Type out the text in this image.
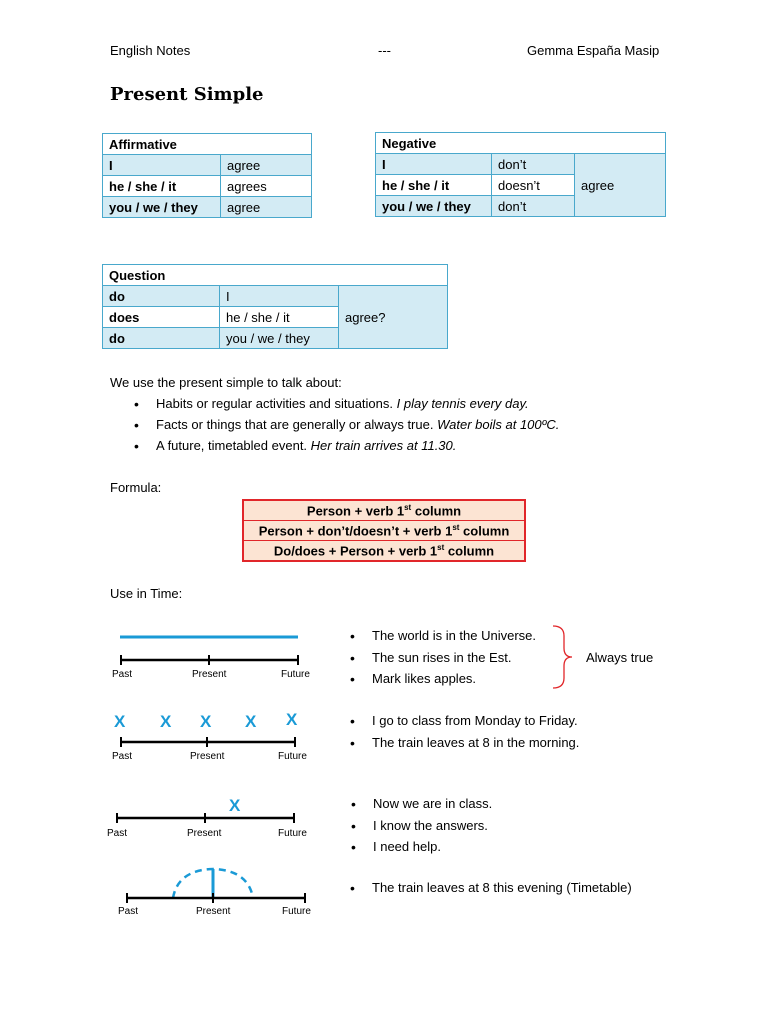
English Notes	---	Gemma España Masip
Present Simple
Affirmative	
I	agree
he / she / it	agrees
you / we / they	agree
Negative		
I	don’t	agree
he / she / it	doesn’t	
you / we / they	don’t	
Question		
do	I	agree?
does	he / she / it	
do	you / we / they	
We use the present simple to talk about:
• Habits or regular activities and situations. I play tennis every day.
• Facts or things that are generally or always true. Water boils at 100ºC.
• A future, timetabled event. Her train arrives at 11.30.
Formula:
Person + verb 1st column
Person + don’t/doesn’t + verb 1st column
Do/does + Person + verb 1st column
Use in Time:
Past	Present	Future
• The world is in the Universe.
• The sun rises in the Est.
• Mark likes apples.
Always true
X X X X X
Past	Present	Future
• I go to class from Monday to Friday.
• The train leaves at 8 in the morning.
X
Past	Present	Future
• Now we are in class.
• I know the answers.
• I need help.
Past	Present	Future
• The train leaves at 8 this evening (Timetable)
